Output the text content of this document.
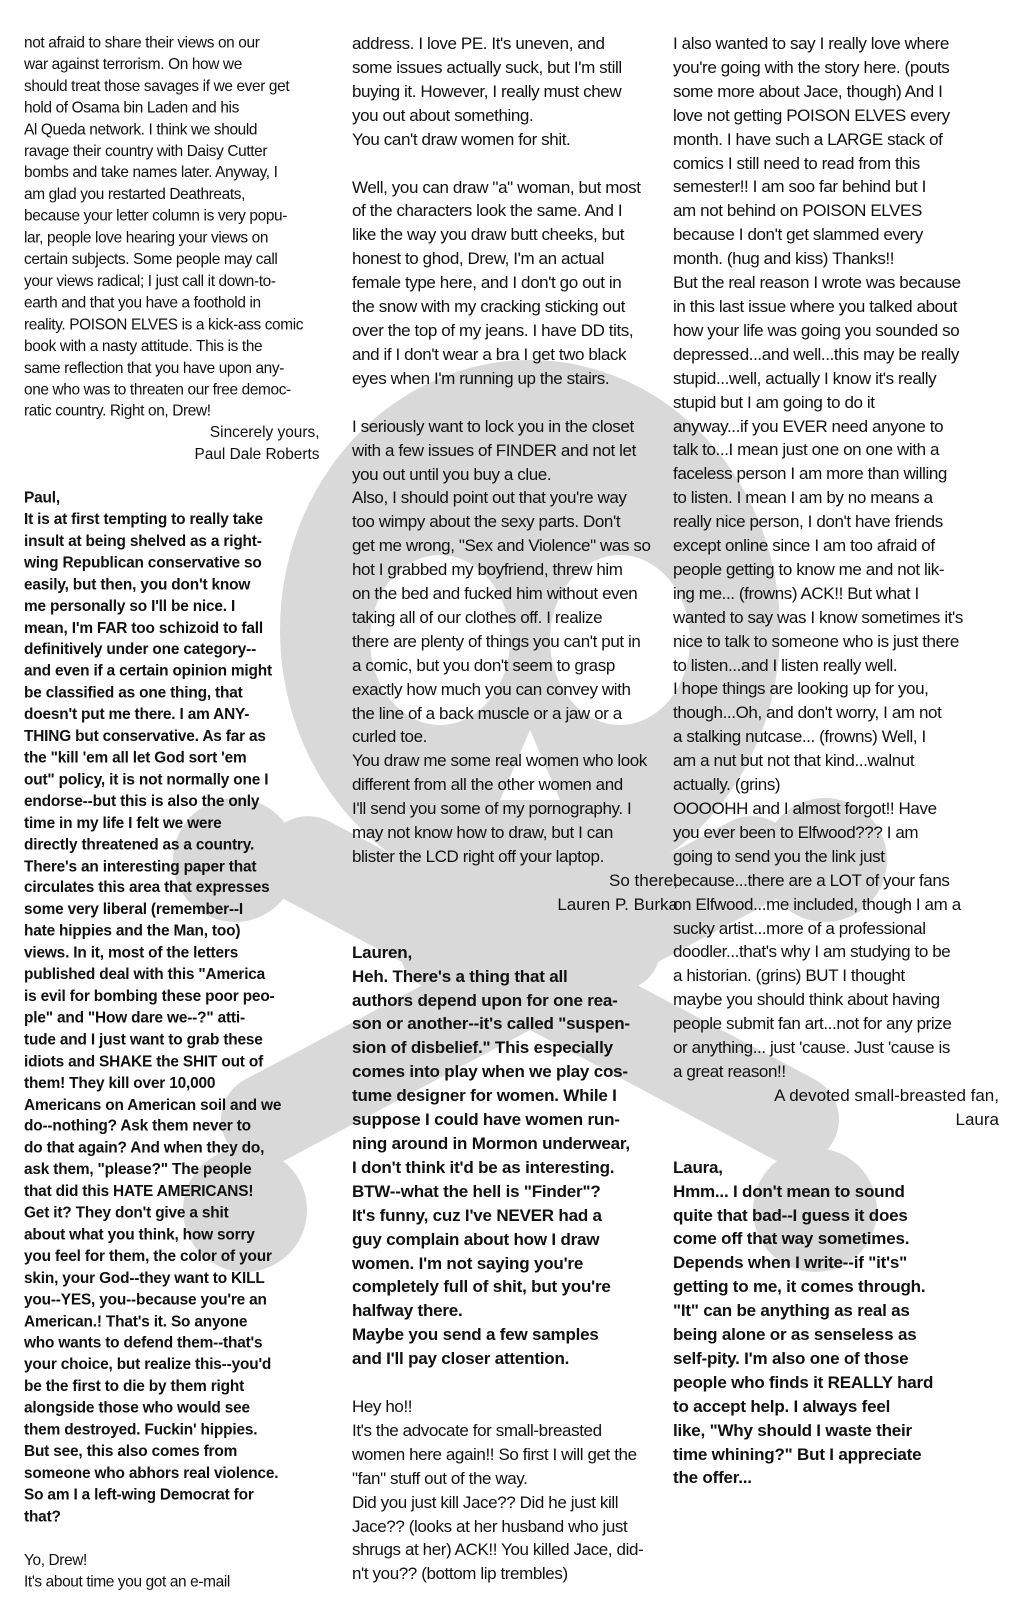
not afraid to share their views on our
war against terrorism. On how we
should treat those savages if we ever get
hold of Osama bin Laden and his
Al Queda network. I think we should
ravage their country with Daisy Cutter
bombs and take names later. Anyway, I
am glad you restarted Deathreats,
because your letter column is very popu-
lar, people love hearing your views on
certain subjects. Some people may call
your views radical; I just call it down-to-
earth and that you have a foothold in
reality. POISON ELVES is a kick-ass comic
book with a nasty attitude. This is the
same reflection that you have upon any-
one who was to threaten our free democ-
ratic country. Right on, Drew!

Sincerely yours,
Paul Dale Roberts

Paul,
It is at first tempting to really take
insult at being shelved as a right-
wing Republican conservative so
easily, but then, you don't know
me personally so I'll be nice. I
mean, I'm FAR too schizoid to fall
definitively under one category--
and even if a certain opinion might
be classified as one thing, that
doesn't put me there. I am ANY-
THING but conservative. As far as
the "kill 'em all let God sort 'em
out" policy, it is not normally one I
endorse--but this is also the only
time in my life I felt we were
directly threatened as a country.
There's an interesting paper that
circulates this area that expresses
some very liberal (remember--I
hate hippies and the Man, too)
views. In it, most of the letters
published deal with this "America
is evil for bombing these poor peo-
ple" and "How dare we--?" atti-
tude and I just want to grab these
idiots and SHAKE the SHIT out of
them! They kill over 10,000
Americans on American soil and we
do--nothing? Ask them never to
do that again? And when they do,
ask them, "please?" The people
that did this HATE AMERICANS!
Get it? They don't give a shit
about what you think, how sorry
you feel for them, the color of your
skin, your God--they want to KILL
you--YES, you--because you're an
American.! That's it. So anyone
who wants to defend them--that's
your choice, but realize this--you'd
be the first to die by them right
alongside those who would see
them destroyed. Fuckin' hippies.
But see, this also comes from
someone who abhors real violence.
So am I a left-wing Democrat for
that?

Yo, Drew!
It's about time you got an e-mail

address. I love PE. It's uneven, and
some issues actually suck, but I'm still
buying it. However, I really must chew
you out about something.
You can't draw women for shit.

Well, you can draw "a" woman, but most
of the characters look the same. And I
like the way you draw butt cheeks, but
honest to ghod, Drew, I'm an actual
female type here, and I don't go out in
the snow with my cracking sticking out
over the top of my jeans. I have DD tits,
and if I don't wear a bra I get two black
eyes when I'm running up the stairs.

I seriously want to lock you in the closet
with a few issues of FINDER and not let
you out until you buy a clue.
Also, I should point out that you're way
too wimpy about the sexy parts. Don't
get me wrong, "Sex and Violence" was so
hot I grabbed my boyfriend, threw him
on the bed and fucked him without even
taking all of our clothes off. I realize
there are plenty of things you can't put in
a comic, but you don't seem to grasp
exactly how much you can convey with
the line of a back muscle or a jaw or a
curled toe.
You draw me some real women who look
different from all the other women and
I'll send you some of my pornography. I
may not know how to draw, but I can
blister the LCD right off your laptop.

So there,
Lauren P. Burka

Lauren,
Heh. There's a thing that all
authors depend upon for one rea-
son or another--it's called "suspen-
sion of disbelief." This especially
comes into play when we play cos-
tume designer for women. While I
suppose I could have women run-
ning around in Mormon underwear,
I don't think it'd be as interesting.
BTW--what the hell is "Finder"?
It's funny, cuz I've NEVER had a
guy complain about how I draw
women. I'm not saying you're
completely full of shit, but you're
halfway there.
Maybe you send a few samples
and I'll pay closer attention.

Hey ho!!
It's the advocate for small-breasted
women here again!! So first I will get the
"fan" stuff out of the way.
Did you just kill Jace?? Did he just kill
Jace?? (looks at her husband who just
shrugs at her) ACK!! You killed Jace, did-
n't you?? (bottom lip trembles)

I also wanted to say I really love where
you're going with the story here. (pouts
some more about Jace, though) And I
love not getting POISON ELVES every
month. I have such a LARGE stack of
comics I still need to read from this
semester!! I am soo far behind but I
am not behind on POISON ELVES
because I don't get slammed every
month. (hug and kiss) Thanks!!
But the real reason I wrote was because
in this last issue where you talked about
how your life was going you sounded so
depressed...and well...this may be really
stupid...well, actually I know it's really
stupid but I am going to do it
anyway...if you EVER need anyone to
talk to...I mean just one on one with a
faceless person I am more than willing
to listen. I mean I am by no means a
really nice person, I don't have friends
except online since I am too afraid of
people getting to know me and not lik-
ing me... (frowns) ACK!! But what I
wanted to say was I know sometimes it's
nice to talk to someone who is just there
to listen...and I listen really well.
I hope things are looking up for you,
though...Oh, and don't worry, I am not
a stalking nutcase... (frowns) Well, I
am a nut but not that kind...walnut
actually. (grins)
OOOOHH and I almost forgot!! Have
you ever been to Elfwood??? I am
going to send you the link just
because...there are a LOT of your fans
on Elfwood...me included, though I am a
sucky artist...more of a professional
doodler...that's why I am studying to be
a historian. (grins) BUT I thought
maybe you should think about having
people submit fan art...not for any prize
or anything... just 'cause. Just 'cause is
a great reason!!

A devoted small-breasted fan,
Laura

Laura,
Hmm... I don't mean to sound
quite that bad--I guess it does
come off that way sometimes.
Depends when I write--if "it's"
getting to me, it comes through.
"It" can be anything as real as
being alone or as senseless as
self-pity. I'm also one of those
people who finds it REALLY hard
to accept help. I always feel
like, "Why should I waste their
time whining?" But I appreciate
the offer...
